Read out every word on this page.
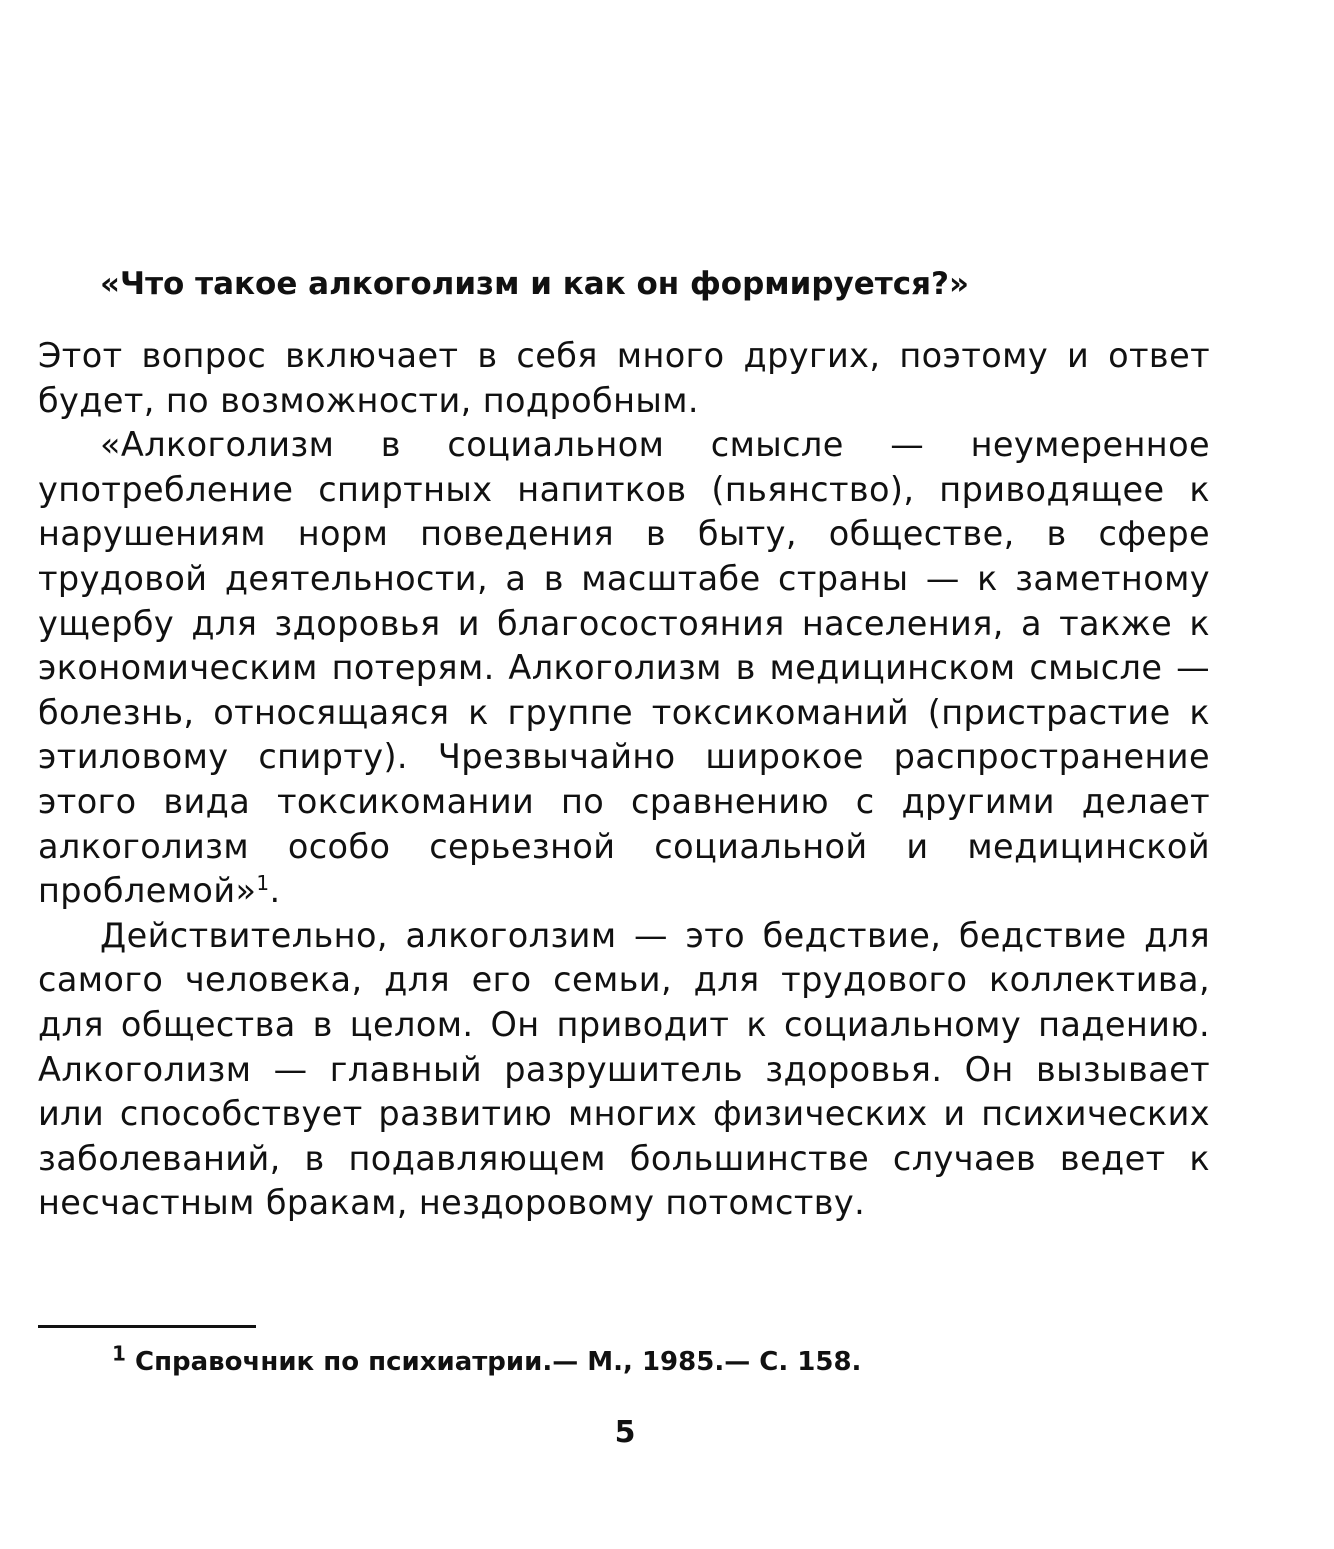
«Что такое алкоголизм и как он формируется?»

Этот вопрос включает в себя много других, поэтому и ответ будет, по возможности, подробным.

«Алкоголизм в социальном смысле — неумеренное употребление спиртных напитков (пьянство), приводящее к нарушениям норм поведения в быту, обществе, в сфере трудовой деятельности, а в масштабе страны — к заметному ущербу для здоровья и благосостояния населения, а также к экономическим потерям. Алкоголизм в медицинском смысле — болезнь, относящаяся к группе токсикоманий (пристрастие к этиловому спирту). Чрезвычайно широкое распространение этого вида токсикомании по сравнению с другими делает алкоголизм особо серьезной социальной и медицинской проблемой»$^1$.

Действительно, алкоголзим — это бедствие, бедствие для самого человека, для его семьи, для трудового коллектива, для общества в целом. Он приводит к социальному падению. Алкоголизм — главный разрушитель здоровья. Он вызывает или способствует развитию многих физических и психических заболеваний, в подавляющем большинстве случаев ведет к несчастным бракам, нездоровому потомству.

$^1$ Справочник по психиатрии.— М., 1985.— С. 158.
5
